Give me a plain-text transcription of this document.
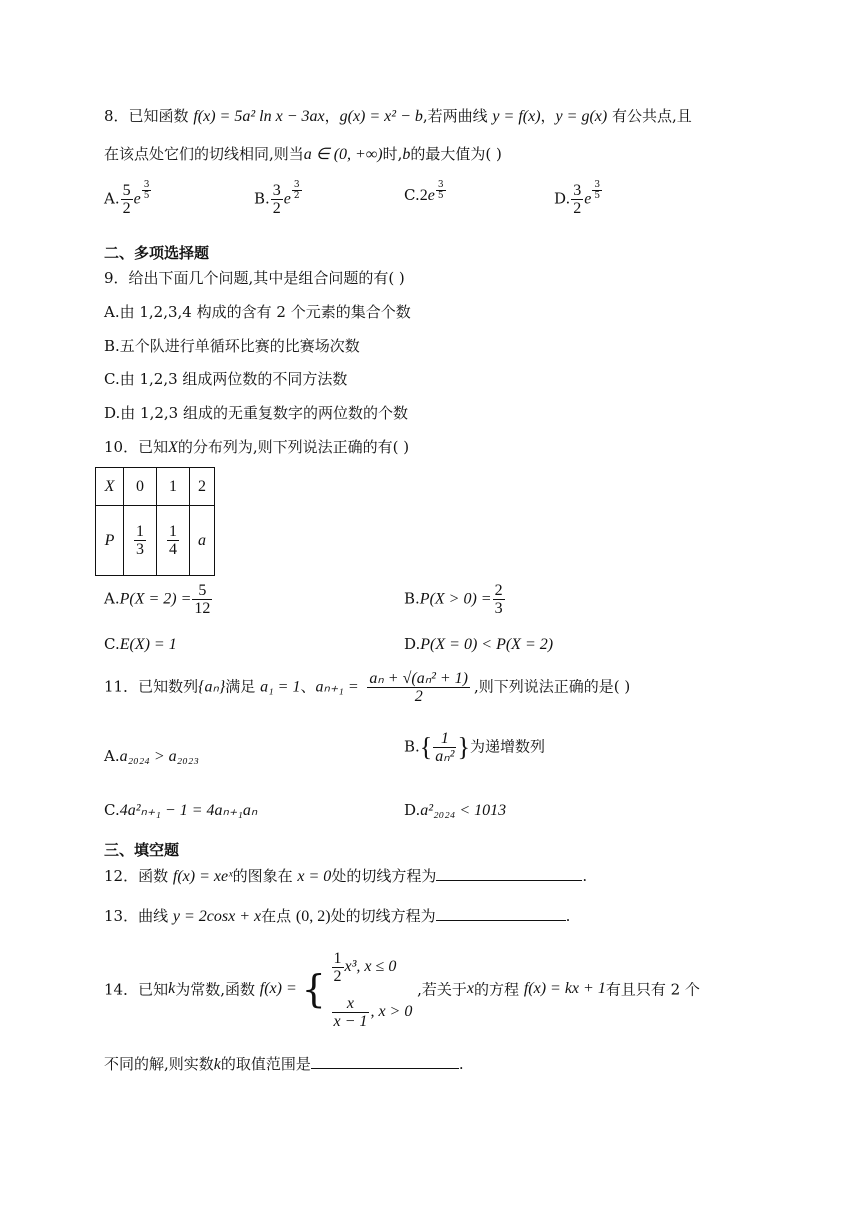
8．已知函数 f(x) = 5a² ln x − 3ax，g(x) = x² − b,若两曲线 y = f(x)，y = g(x) 有公共点,且
在该点处它们的切线相同,则当a ∈ (0, +∞)时,b的最大值为( )
A. $\frac{5}{2}$ e $\frac{3}{5}$	B. $\frac{3}{2}$ e $\frac{3}{2}$	$C.2e \frac{3}{5}$	D. $\frac{3}{2}$ e $\frac{3}{5}$
二、多项选择题
9．给出下面几个问题,其中是组合问题的有( )
A.由 1,2,3,4 构成的含有 2 个元素的集合个数
B.五个队进行单循环比赛的比赛场次数
C.由 1,2,3 组成两位数的不同方法数
D.由 1,2,3 组成的无重复数字的两位数的个数
10．已知X的分布列为,则下列说法正确的有( )
X	0	1	2
P	$\frac{1}{3}$	$\frac{1}{4}$	a
$A.P(X = 2) = \frac{5}{12}$	$B.P(X > 0) = \frac{2}{3}$
C.E(X) = 1	D.P(X = 0) < P(X = 2)
11．已知数列{aₙ}满足 a₁ = 1、$a_{n+1} = \frac{\text{aₙ + √(aₙ² + 1)}}{2}$ ,则下列说法正确的是( )
A.a₂₀₂₄ > a₂₀₂₃
$B.\{ \frac{1}{\text{aₙ²}}$ }为递增数列
C.4a²ₙ₊₁ − 1 = 4aₙ₊₁aₙ	D.a²₂₀₂₄ < 1013
三、填空题
12．函数 f(x) = xeˣ的图象在 x = 0处的切线方程为	.
13．曲线 y = 2cosx + x在点 (0, 2)处的切线方程为	.
14．已知k为常数,函数 f(x) = { $\frac{1}{2} x^3$, x ≤ 0
$\frac{x}{x - 1}$ , x > 0
,若关于x的方程 f(x) = kx + 1有且只有 2 个
不同的解,则实数k的取值范围是	.
